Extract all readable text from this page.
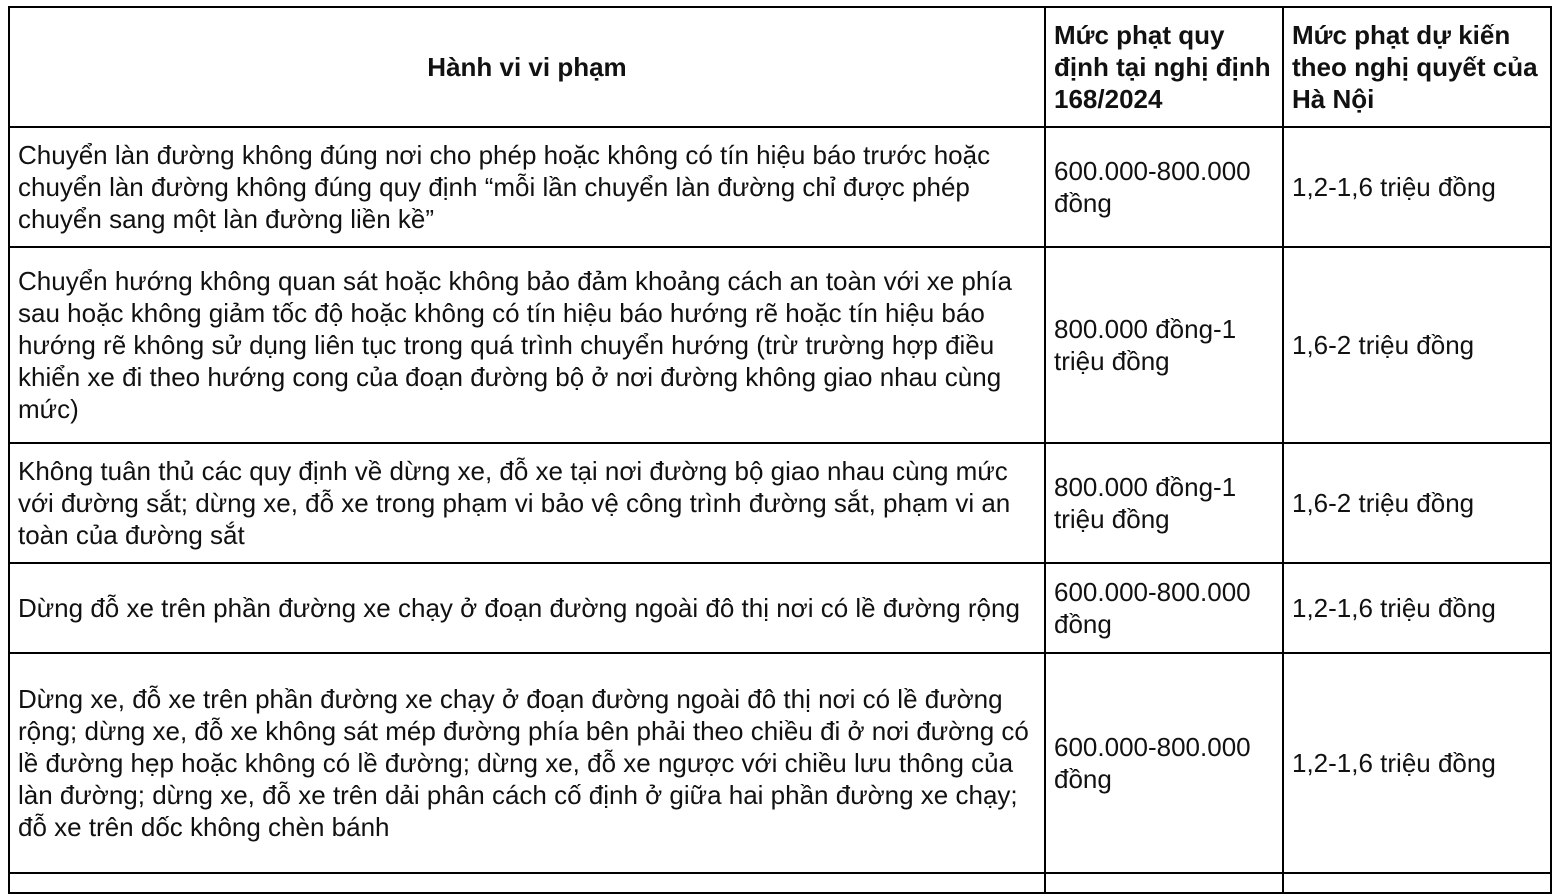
Hành vi vi phạm	Mức phạt quy định tại nghị định 168/2024	Mức phạt dự kiến theo nghị quyết của Hà Nội

Chuyển làn đường không đúng nơi cho phép hoặc không có tín hiệu báo trước hoặc chuyển làn đường không đúng quy định “mỗi lần chuyển làn đường chỉ được phép chuyển sang một làn đường liền kề”	600.000-800.000 đồng	1,2-1,6 triệu đồng

Chuyển hướng không quan sát hoặc không bảo đảm khoảng cách an toàn với xe phía sau hoặc không giảm tốc độ hoặc không có tín hiệu báo hướng rẽ hoặc tín hiệu báo hướng rẽ không sử dụng liên tục trong quá trình chuyển hướng (trừ trường hợp điều khiển xe đi theo hướng cong của đoạn đường bộ ở nơi đường không giao nhau cùng mức)	800.000 đồng-1 triệu đồng	1,6-2 triệu đồng

Không tuân thủ các quy định về dừng xe, đỗ xe tại nơi đường bộ giao nhau cùng mức với đường sắt; dừng xe, đỗ xe trong phạm vi bảo vệ công trình đường sắt, phạm vi an toàn của đường sắt	800.000 đồng-1 triệu đồng	1,6-2 triệu đồng

Dừng đỗ xe trên phần đường xe chạy ở đoạn đường ngoài đô thị nơi có lề đường rộng	600.000-800.000 đồng	1,2-1,6 triệu đồng

Dừng xe, đỗ xe trên phần đường xe chạy ở đoạn đường ngoài đô thị nơi có lề đường rộng; dừng xe, đỗ xe không sát mép đường phía bên phải theo chiều đi ở nơi đường có lề đường hẹp hoặc không có lề đường; dừng xe, đỗ xe ngược với chiều lưu thông của làn đường; dừng xe, đỗ xe trên dải phân cách cố định ở giữa hai phần đường xe chạy; đỗ xe trên dốc không chèn bánh	600.000-800.000 đồng	1,2-1,6 triệu đồng
